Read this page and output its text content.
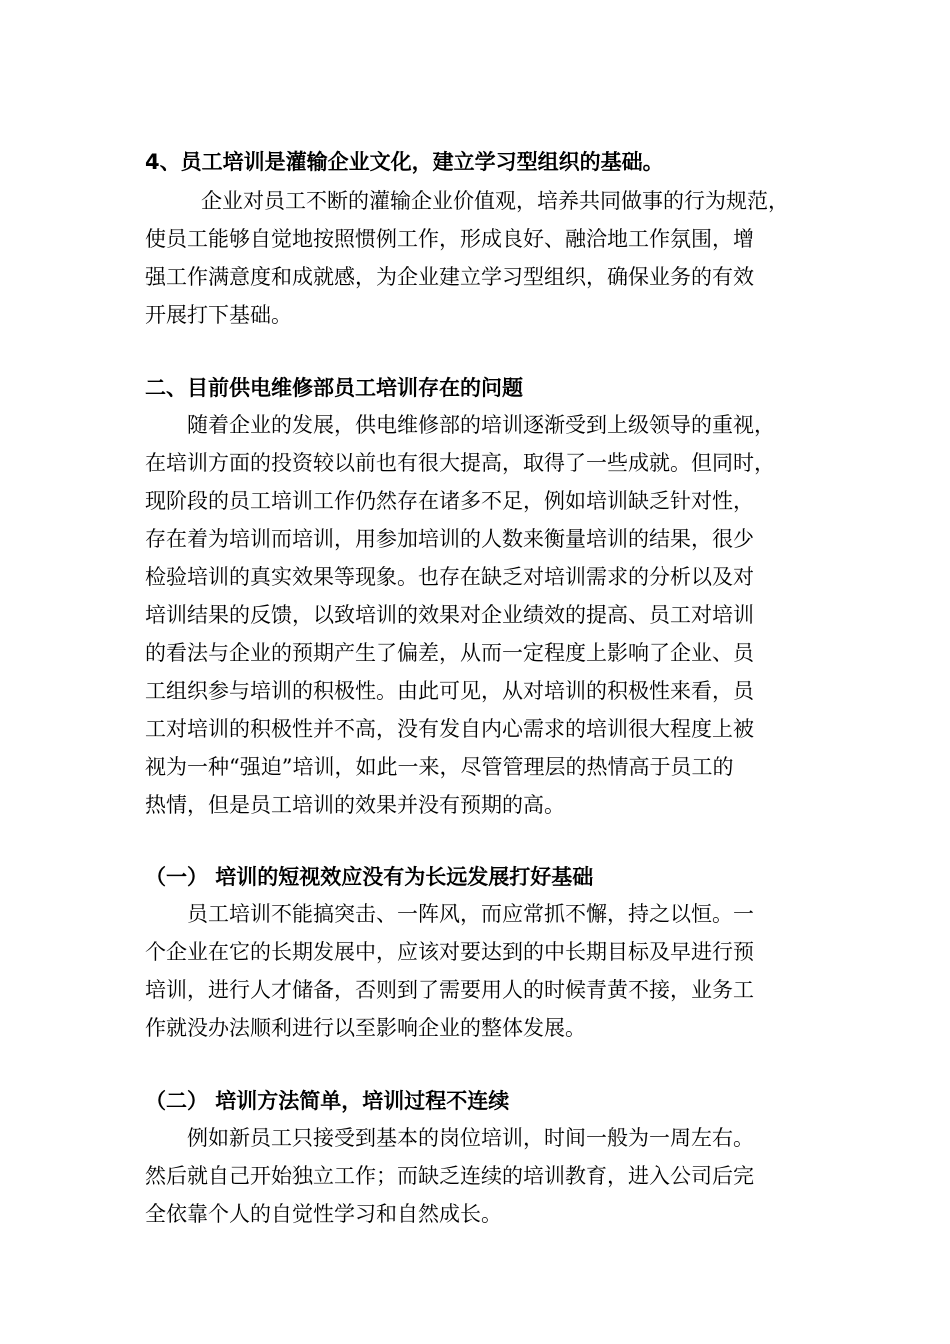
4、员工培训是灌输企业文化，建立学习型组织的基础。
企业对员工不断的灌输企业价值观，培养共同做事的行为规范，
使员工能够自觉地按照惯例工作，形成良好、融洽地工作氛围，增
强工作满意度和成就感，为企业建立学习型组织，确保业务的有效
开展打下基础。
二、目前供电维修部员工培训存在的问题
随着企业的发展，供电维修部的培训逐渐受到上级领导的重视，
在培训方面的投资较以前也有很大提高，取得了一些成就。但同时，
现阶段的员工培训工作仍然存在诸多不足，例如培训缺乏针对性，
存在着为培训而培训，用参加培训的人数来衡量培训的结果，很少
检验培训的真实效果等现象。也存在缺乏对培训需求的分析以及对
培训结果的反馈，以致培训的效果对企业绩效的提高、员工对培训
的看法与企业的预期产生了偏差，从而一定程度上影响了企业、员
工组织参与培训的积极性。由此可见，从对培训的积极性来看，员
工对培训的积极性并不高，没有发自内心需求的培训很大程度上被
视为一种“强迫”培训，如此一来，尽管管理层的热情高于员工的
热情，但是员工培训的效果并没有预期的高。
（一） 培训的短视效应没有为长远发展打好基础
员工培训不能搞突击、一阵风，而应常抓不懈，持之以恒。一
个企业在它的长期发展中，应该对要达到的中长期目标及早进行预
培训，进行人才储备，否则到了需要用人的时候青黄不接，业务工
作就没办法顺利进行以至影响企业的整体发展。
（二） 培训方法简单，培训过程不连续
例如新员工只接受到基本的岗位培训，时间一般为一周左右。
然后就自己开始独立工作；而缺乏连续的培训教育，进入公司后完
全依靠个人的自觉性学习和自然成长。
